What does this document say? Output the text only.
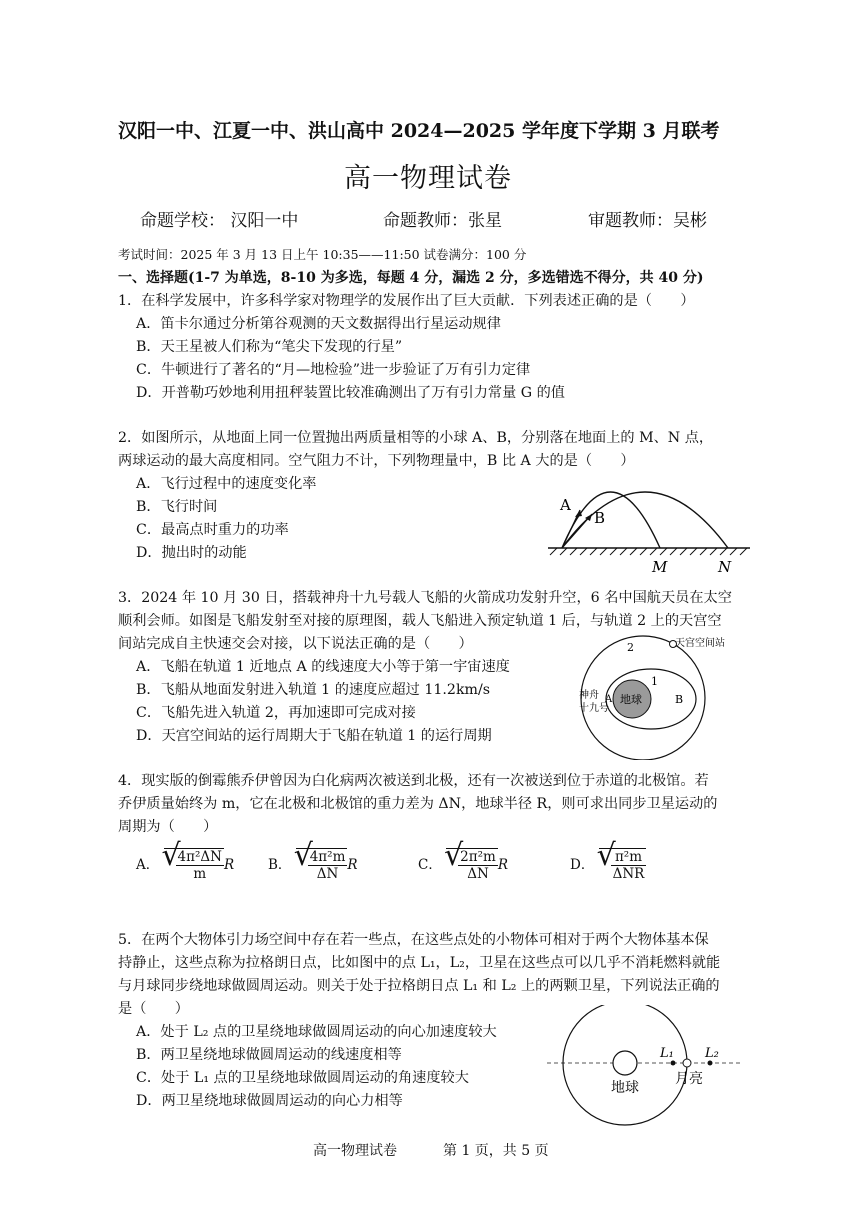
汉阳一中、江夏一中、洪山高中 2024—2025 学年度下学期 3 月联考
高一物理试卷
命题学校： 汉阳一中	命题教师：张星	审题教师：吴彬
考试时间：2025 年 3 月 13 日上午 10:35——11:50 试卷满分：100 分
一、选择题(1-7 为单选，8-10 为多选，每题 4 分，漏选 2 分，多选错选不得分，共 40 分)
1．在科学发展中，许多科学家对物理学的发展作出了巨大贡献．下列表述正确的是（　　）
A．笛卡尔通过分析第谷观测的天文数据得出行星运动规律
B．天王星被人们称为“笔尖下发现的行星”
C．牛顿进行了著名的“月—地检验”进一步验证了万有引力定律
D．开普勒巧妙地利用扭秤装置比较准确测出了万有引力常量 G 的值
2．如图所示，从地面上同一位置抛出两质量相等的小球 A、B，分别落在地面上的 M、N 点，
两球运动的最大高度相同。空气阻力不计，下列物理量中，B 比 A 大的是（　　）
A．飞行过程中的速度变化率
B．飞行时间
C．最高点时重力的功率
D．抛出时的动能
A
B
M	N
3．2024 年 10 月 30 日，搭载神舟十九号载人飞船的火箭成功发射升空，6 名中国航天员在太空
顺利会师。如图是飞船发射至对接的原理图，载人飞船进入预定轨道 1 后，与轨道 2 上的天宫空
间站完成自主快速交会对接，以下说法正确的是（　　）
A．飞船在轨道 1 近地点 A 的线速度大小等于第一宇宙速度
B．飞船从地面发射进入轨道 1 的速度应超过 11.2km/s
C．飞船先进入轨道 2，再加速即可完成对接
D．天宫空间站的运行周期大于飞船在轨道 1 的运行周期
天宫空间站
2
1
地球
神舟
十九号
A	B
4．现实版的倒霉熊乔伊曾因为白化病两次被送到北极，还有一次被送到位于赤道的北极馆。若
乔伊质量始终为 m，它在北极和北极馆的重力差为 ΔN，地球半径 R，则可求出同步卫星运动的
周期为（　　）
A． √ $\frac{\text{4π²ΔN}}{m}$ R	B． √ $\frac{\text{4π²m}}{\Delta N}$ R	C． √ $\frac{\text{2π²m}}{\Delta N}$ R	D． √ $\frac{\text{π²m}}{\text{ΔNR}}$
5．在两个大物体引力场空间中存在若一些点，在这些点处的小物体可相对于两个大物体基本保
持静止，这些点称为拉格朗日点，比如图中的点 L₁，L₂，卫星在这些点可以几乎不消耗燃料就能
与月球同步绕地球做圆周运动。则关于处于拉格朗日点 L₁ 和 L₂ 上的两颗卫星，下列说法正确的
是（　　）
A．处于 L₂ 点的卫星绕地球做圆周运动的向心加速度较大
B．两卫星绕地球做圆周运动的线速度相等
C．处于 L₁ 点的卫星绕地球做圆周运动的角速度较大
D．两卫星绕地球做圆周运动的向心力相等
地球
月亮
L₁ L₂
高一物理试卷	第 1 页，共 5 页
